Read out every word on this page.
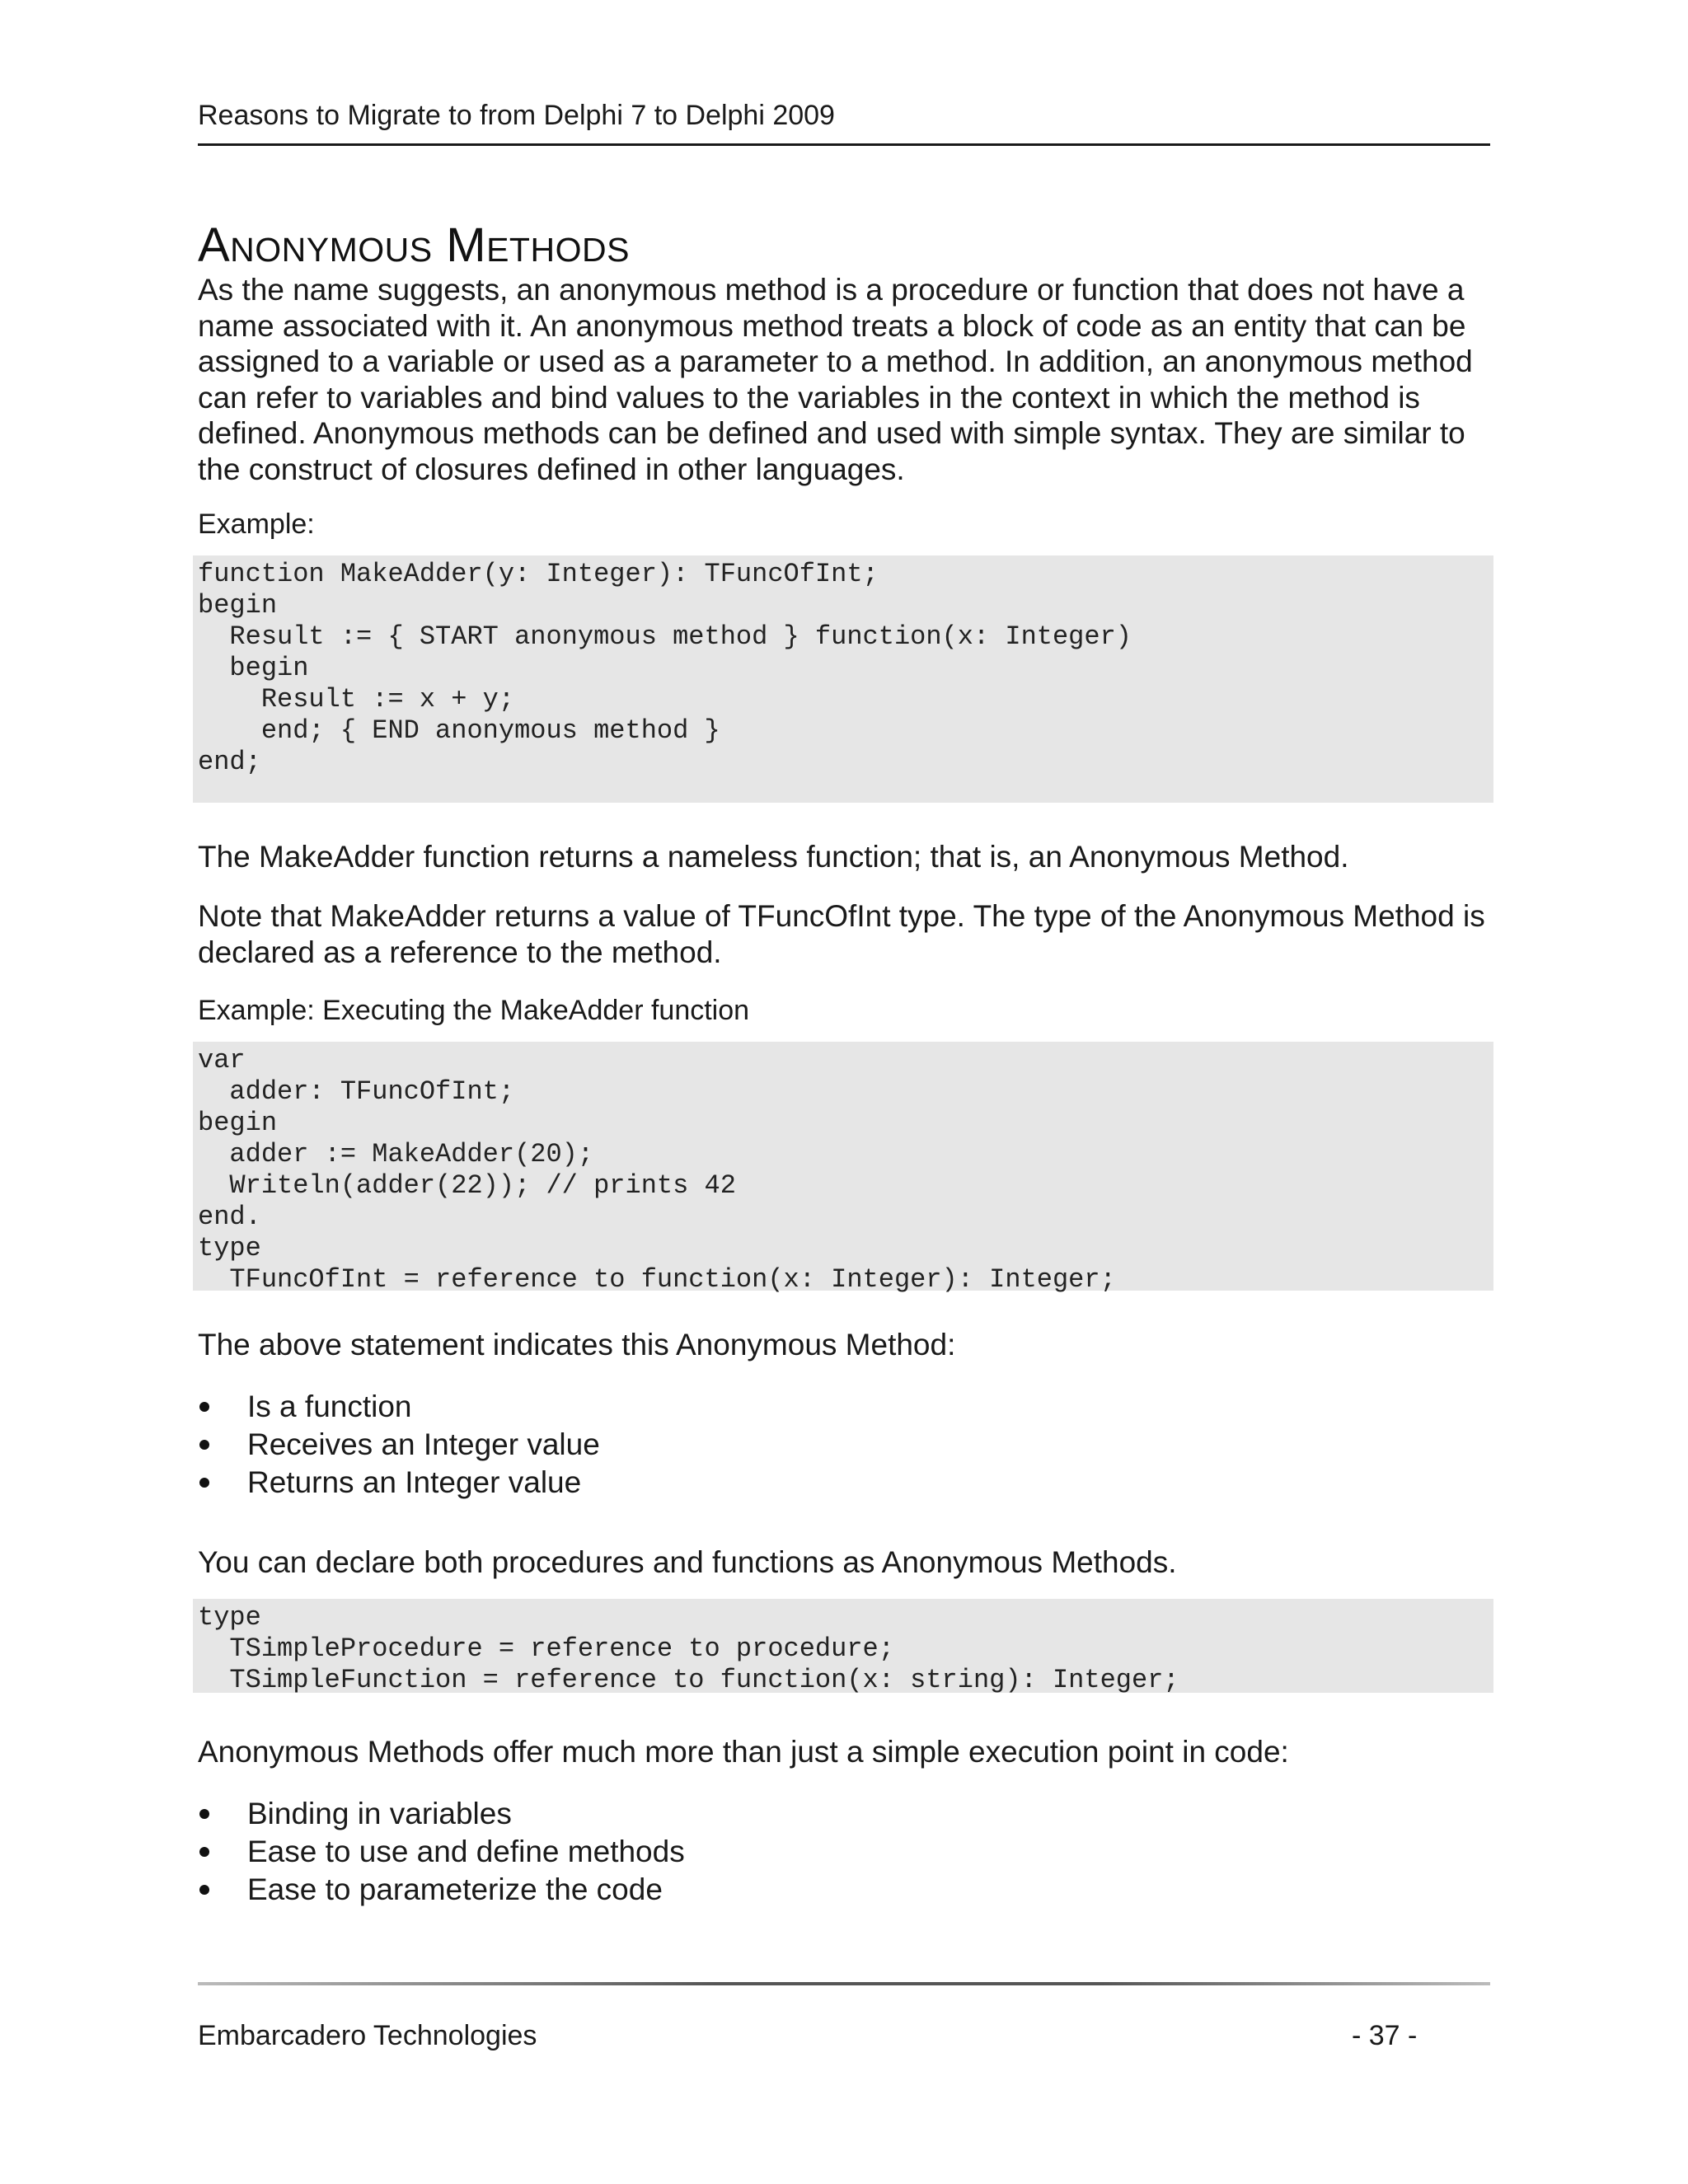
Reasons to Migrate to from Delphi 7 to Delphi 2009
Anonymous Methods

As the name suggests, an anonymous method is a procedure or function that does not have a name associated with it. An anonymous method treats a block of code as an entity that can be assigned to a variable or used as a parameter to a method. In addition, an anonymous method can refer to variables and bind values to the variables in the context in which the method is defined. Anonymous methods can be defined and used with simple syntax. They are similar to the construct of closures defined in other languages.

Example:
function MakeAdder(y: Integer): TFuncOfInt;
begin
Result := { START anonymous method } function(x: Integer)
begin
Result := x + y;
end; { END anonymous method }
end;

The MakeAdder function returns a nameless function; that is, an Anonymous Method.

Note that MakeAdder returns a value of TFuncOfInt type. The type of the Anonymous Method is declared as a reference to the method.

Example: Executing the MakeAdder function
var
adder: TFuncOfInt;
begin
adder := MakeAdder(20);
Writeln(adder(22)); // prints 42
end.
type
TFuncOfInt = reference to function(x: Integer): Integer;

The above statement indicates this Anonymous Method:

Is a function
Receives an Integer value
Returns an Integer value

You can declare both procedures and functions as Anonymous Methods.

type
TSimpleProcedure = reference to procedure;
TSimpleFunction = reference to function(x: string): Integer;

Anonymous Methods offer much more than just a simple execution point in code:

Binding in variables
Ease to use and define methods
Ease to parameterize the code
Embarcadero Technologies	- 37 -
